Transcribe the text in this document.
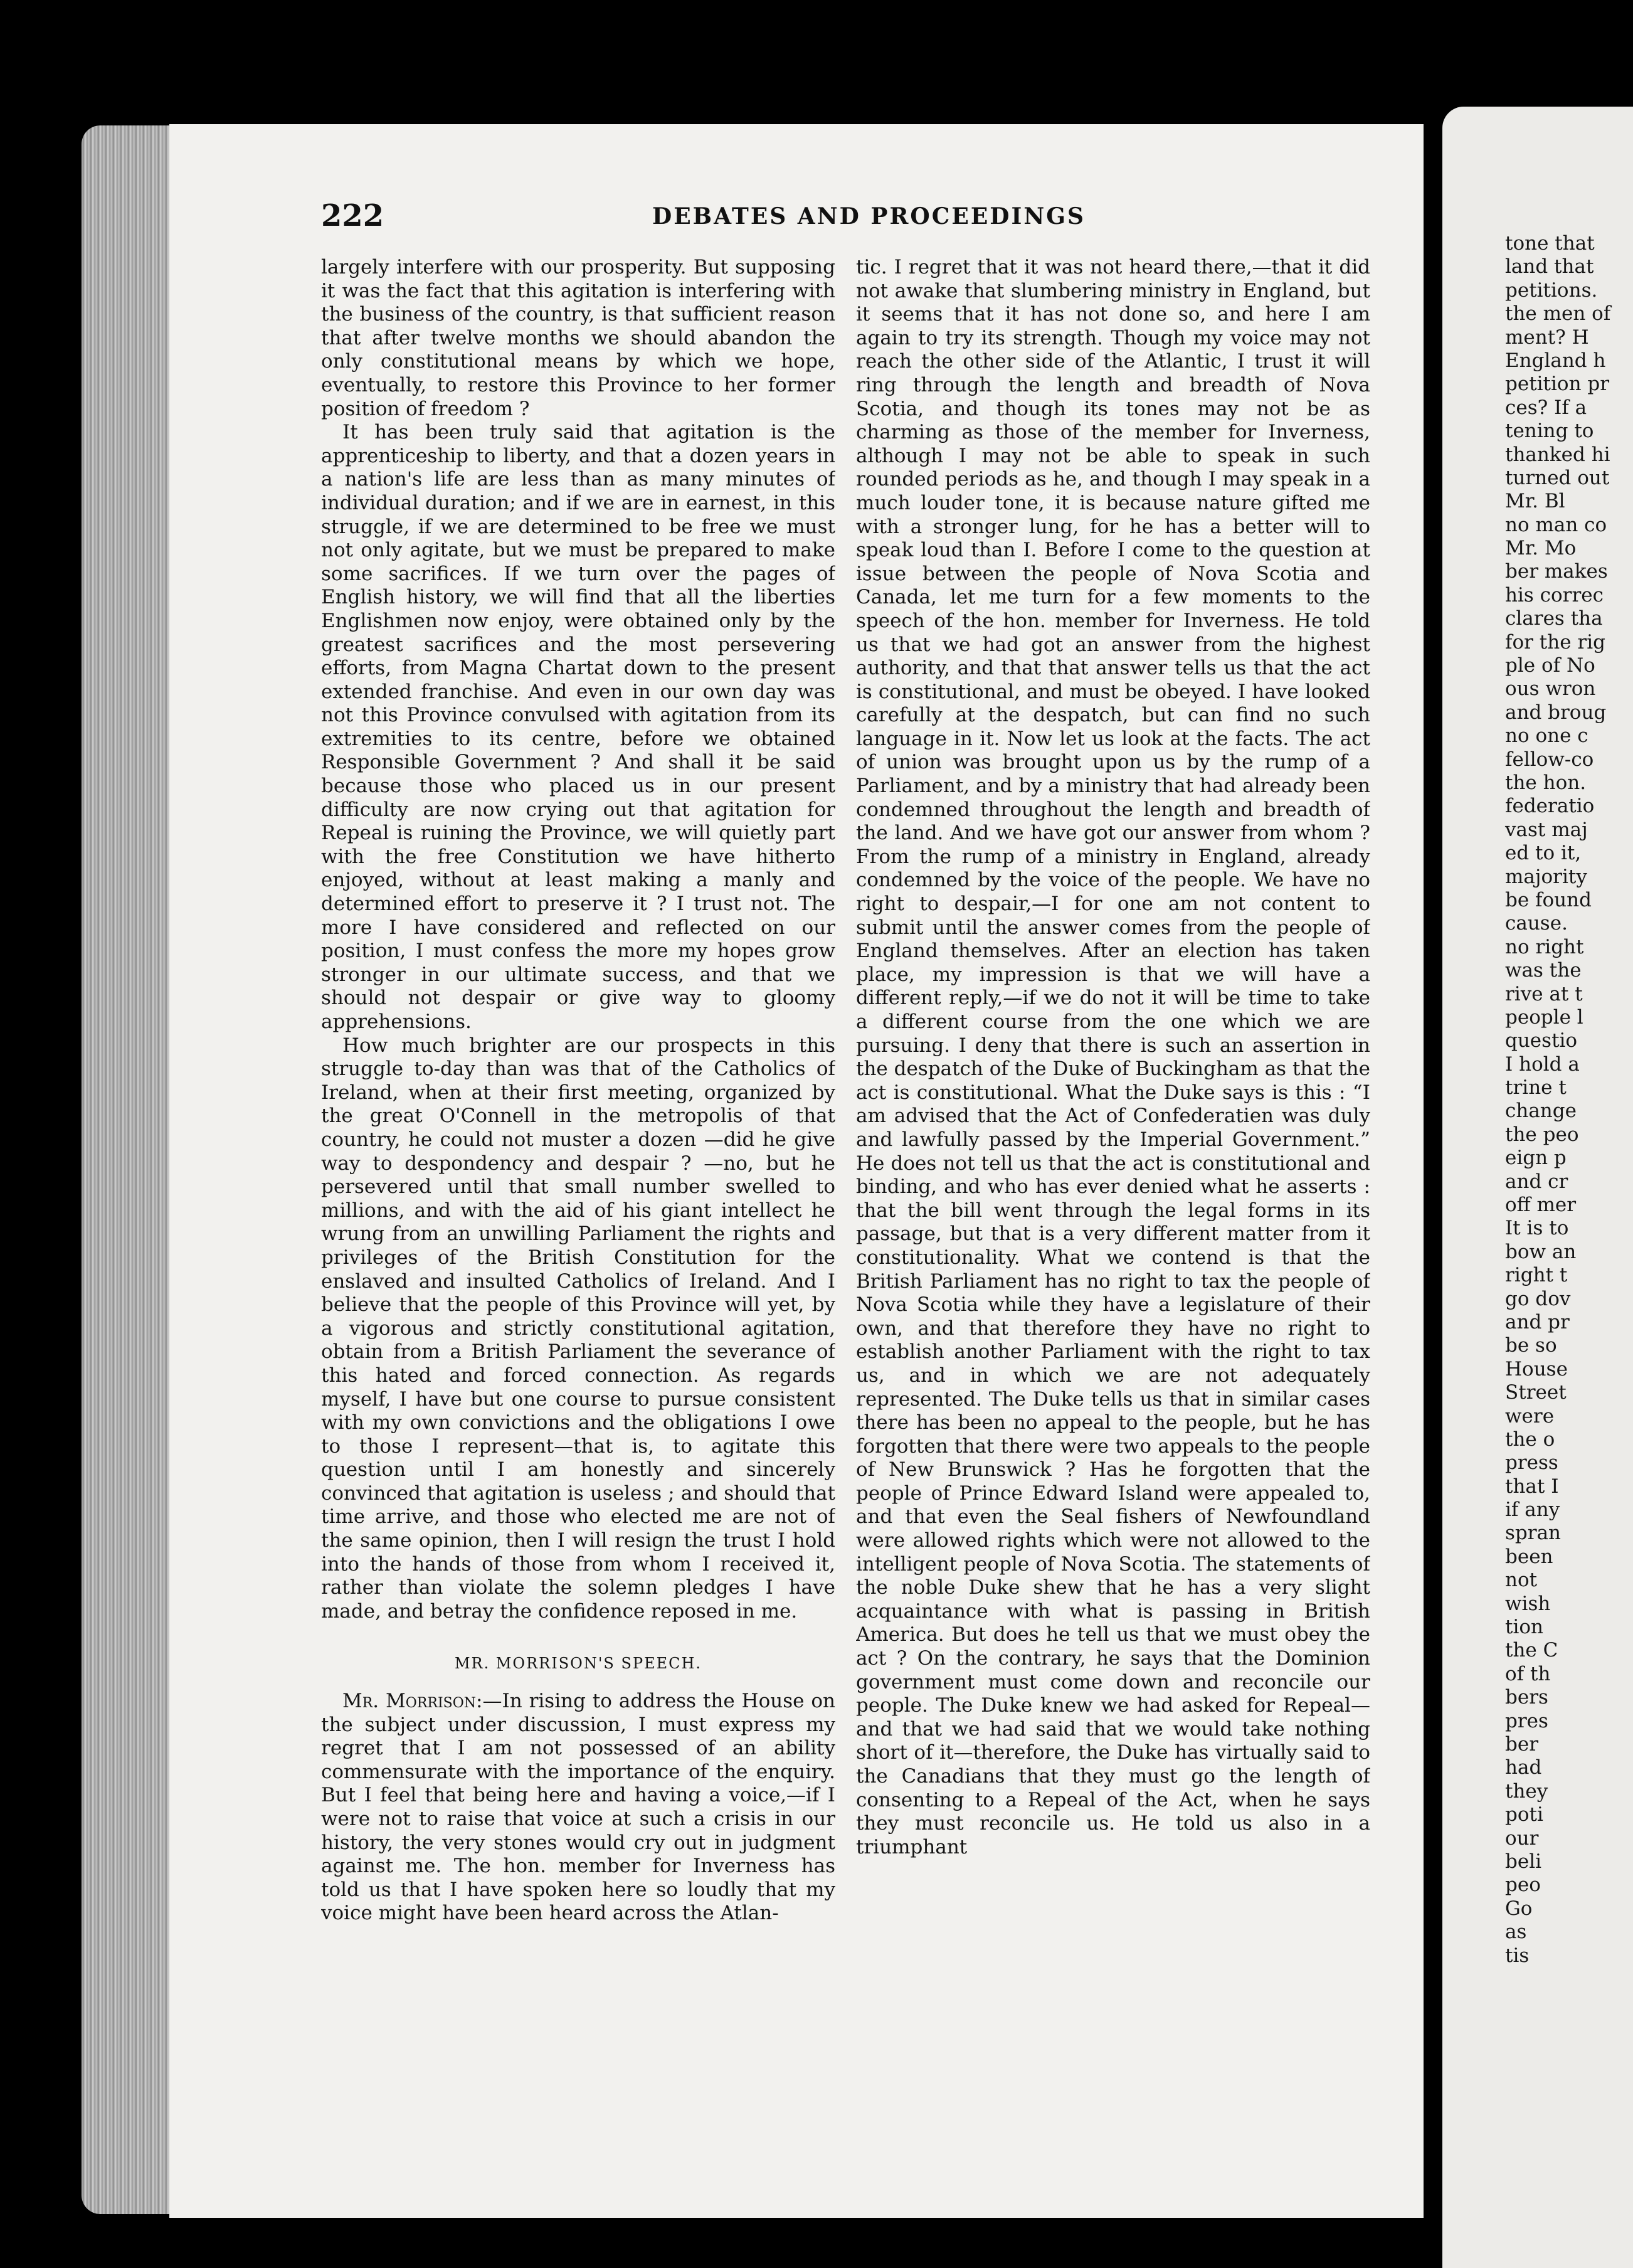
222	DEBATES AND PROCEEDINGS

largely interfere with our prosperity. But supposing it was the fact that this agitation is interfering with the business of the country, is that sufficient reason that after twelve months we should abandon the only constitutional means by which we hope, eventually, to restore this Province to her former position of freedom ?

It has been truly said that agitation is the apprenticeship to liberty, and that a dozen years in a nation's life are less than as many minutes of individual duration; and if we are in earnest, in this struggle, if we are determined to be free we must not only agitate, but we must be prepared to make some sacrifices. If we turn over the pages of English history, we will find that all the liberties Englishmen now enjoy, were obtained only by the greatest sacrifices and the most persevering efforts, from Magna Chartat down to the present extended franchise. And even in our own day was not this Province convulsed with agitation from its extremities to its centre, before we obtained Responsible Government ? And shall it be said because those who placed us in our present difficulty are now crying out that agitation for Repeal is ruining the Province, we will quietly part with the free Constitution we have hitherto enjoyed, without at least making a manly and determined effort to preserve it ? I trust not. The more I have considered and reflected on our position, I must confess the more my hopes grow stronger in our ultimate success, and that we should not despair or give way to gloomy apprehensions.

How much brighter are our prospects in this struggle to-day than was that of the Catholics of Ireland, when at their first meeting, organized by the great O'Connell in the metropolis of that country, he could not muster a dozen —did he give way to despondency and despair ? —no, but he persevered until that small number swelled to millions, and with the aid of his giant intellect he wrung from an unwilling Parliament the rights and privileges of the British Constitution for the enslaved and insulted Catholics of Ireland. And I believe that the people of this Province will yet, by a vigorous and strictly constitutional agitation, obtain from a British Parliament the severance of this hated and forced connection. As regards myself, I have but one course to pursue consistent with my own convictions and the obligations I owe to those I represent—that is, to agitate this question until I am honestly and sincerely convinced that agitation is useless ; and should that time arrive, and those who elected me are not of the same opinion, then I will resign the trust I hold into the hands of those from whom I received it, rather than violate the solemn pledges I have made, and betray the confidence reposed in me.

MR. MORRISON'S SPEECH.

Mr. Morrison:—In rising to address the House on the subject under discussion, I must express my regret that I am not possessed of an ability commensurate with the importance of the enquiry. But I feel that being here and having a voice,—if I were not to raise that voice at such a crisis in our history, the very stones would cry out in judgment against me. The hon. member for Inverness has told us that I have spoken here so loudly that my voice might have been heard across the Atlan-

tic. I regret that it was not heard there,—that it did not awake that slumbering ministry in England, but it seems that it has not done so, and here I am again to try its strength. Though my voice may not reach the other side of the Atlantic, I trust it will ring through the length and breadth of Nova Scotia, and though its tones may not be as charming as those of the member for Inverness, although I may not be able to speak in such rounded periods as he, and though I may speak in a much louder tone, it is because nature gifted me with a stronger lung, for he has a better will to speak loud than I. Before I come to the question at issue between the people of Nova Scotia and Canada, let me turn for a few moments to the speech of the hon. member for Inverness. He told us that we had got an answer from the highest authority, and that that answer tells us that the act is constitutional, and must be obeyed. I have looked carefully at the despatch, but can find no such language in it. Now let us look at the facts. The act of union was brought upon us by the rump of a Parliament, and by a ministry that had already been condemned throughout the length and breadth of the land. And we have got our answer from whom ? From the rump of a ministry in England, already condemned by the voice of the people. We have no right to despair,—I for one am not content to submit until the answer comes from the people of England themselves. After an election has taken place, my impression is that we will have a different reply,—if we do not it will be time to take a different course from the one which we are pursuing. I deny that there is such an assertion in the despatch of the Duke of Buckingham as that the act is constitutional. What the Duke says is this : “I am advised that the Act of Confederatien was duly and lawfully passed by the Imperial Government.” He does not tell us that the act is constitutional and binding, and who has ever denied what he asserts : that the bill went through the legal forms in its passage, but that is a very different matter from it constitutionality. What we contend is that the British Parliament has no right to tax the people of Nova Scotia while they have a legislature of their own, and that therefore they have no right to establish another Parliament with the right to tax us, and in which we are not adequately represented. The Duke tells us that in similar cases there has been no appeal to the people, but he has forgotten that there were two appeals to the people of New Brunswick ? Has he forgotten that the people of Prince Edward Island were appealed to, and that even the Seal fishers of Newfoundland were allowed rights which were not allowed to the intelligent people of Nova Scotia. The statements of the noble Duke shew that he has a very slight acquaintance with what is passing in British America. But does he tell us that we must obey the act ? On the contrary, he says that the Dominion government must come down and reconcile our people. The Duke knew we had asked for Repeal—and that we had said that we would take nothing short of it—therefore, the Duke has virtually said to the Canadians that they must go the length of consenting to a Repeal of the Act, when he says they must reconcile us. He told us also in a triumphant

tone that
land that
petitions.
the men of
ment? H
England h
petition pr
ces? If a
tening to
thanked hi
turned out
Mr. Bl
no man co
Mr. Mo
ber makes
his correc
clares tha
for the rig
ple of No
ous wron
and broug
no one c
fellow-co
the hon.
federatio
vast maj
ed to it,
majority
be found
cause.
no right
was the
rive at t
people l
questio
I hold a
trine t
change
the peo
eign p
and cr
off mer
It is to
bow an
right t
go dov
and pr
be so
House
Street
were
the o
press
that I
if any
spran
been
not
wish
tion
the C
of th
bers
pres
ber
had
they
poti
our
beli
peo
Go
as
tis
